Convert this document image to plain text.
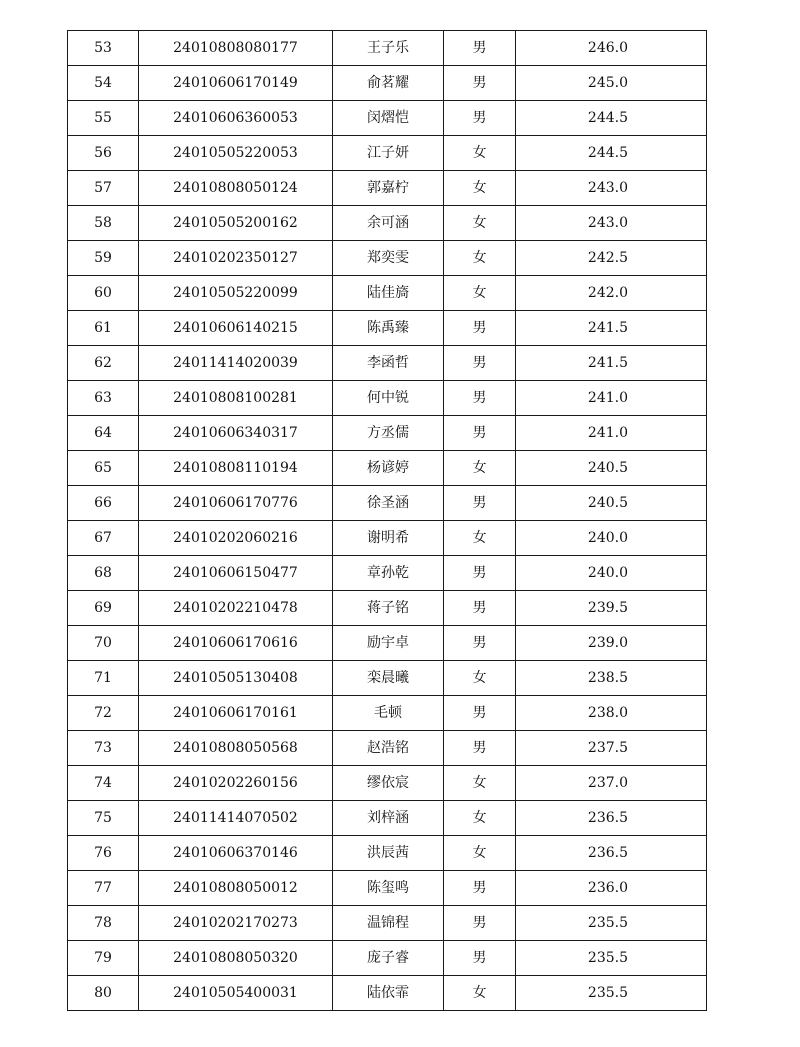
53	24010808080177	王子乐	男	246.0
54	24010606170149	俞茗耀	男	245.0
55	24010606360053	闵熠恺	男	244.5
56	24010505220053	江子妍	女	244.5
57	24010808050124	郭嘉柠	女	243.0
58	24010505200162	余可涵	女	243.0
59	24010202350127	郑奕雯	女	242.5
60	24010505220099	陆佳旖	女	242.0
61	24010606140215	陈禹臻	男	241.5
62	24011414020039	李函哲	男	241.5
63	24010808100281	何中锐	男	241.0
64	24010606340317	方丞儒	男	241.0
65	24010808110194	杨谚婷	女	240.5
66	24010606170776	徐圣涵	男	240.5
67	24010202060216	谢明希	女	240.0
68	24010606150477	章孙乾	男	240.0
69	24010202210478	蒋子铭	男	239.5
70	24010606170616	励宇卓	男	239.0
71	24010505130408	栾晨曦	女	238.5
72	24010606170161	毛顿	男	238.0
73	24010808050568	赵浩铭	男	237.5
74	24010202260156	缪依宸	女	237.0
75	24011414070502	刘梓涵	女	236.5
76	24010606370146	洪辰茜	女	236.5
77	24010808050012	陈玺鸣	男	236.0
78	24010202170273	温锦程	男	235.5
79	24010808050320	庞子睿	男	235.5
80	24010505400031	陆依霏	女	235.5
